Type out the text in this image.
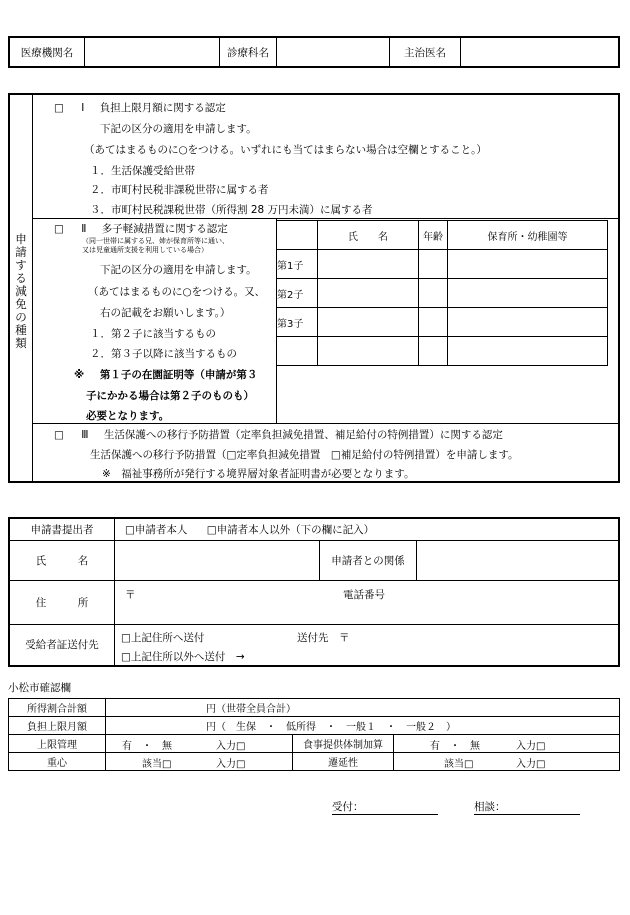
医療機関名		診療科名		主治医名	
申
請
す
る
減
免
の
種
類
□ Ⅰ 負担上限月額に関する認定
下記の区分の適用を申請します。
（あてはまるものに○をつける。いずれにも当てはまらない場合は空欄とすること。）
１．生活保護受給世帯
２．市町村民税非課税世帯に属する者
３．市町村民税課税世帯（所得割 28 万円未満）に属する者
□ Ⅱ 多子軽減措置に関する認定
（同一世帯に属する兄、姉が保育所等に通い、
又は児童通所支援を利用している場合）
下記の区分の適用を申請します。
（あてはまるものに○をつける。又、
右の記載をお願いします。）
１．第２子に該当するもの
２．第３子以降に該当するもの
※ 第１子の在園証明等（申請が第３
子にかかる場合は第２子のものも）
必要となります。
	氏　　名	年齢	保育所・幼稚園等
第1子			
第2子			
第3子			

□ Ⅲ 生活保護への移行予防措置（定率負担減免措置、補足給付の特例措置）に関する認定
生活保護への移行予防措置（□定率負担減免措置　□補足給付の特例措置）を申請します。
※　福祉事務所が発行する境界層対象者証明書が必要となります。
申請書提出者	□申請者本人 □申請者本人以外（下の欄に記入）		
氏　　　名		申請者との関係	
住　　　所	〒 電話番号		

受給者証送付先	□上記住所へ送付 送付先　〒
□上記住所以外へ送付　→		
小松市確認欄
所得割合計額	円（世帯全員合計）		
負担上限月額	円（　生保　・　低所得　・　一般１　・　一般２　）		
上限管理	有　・　無 入力□	食事提供体制加算	有　・　無 入力□

重心	該当□ 入力□	遷延性	該当□ 入力□
受付：	相談：
